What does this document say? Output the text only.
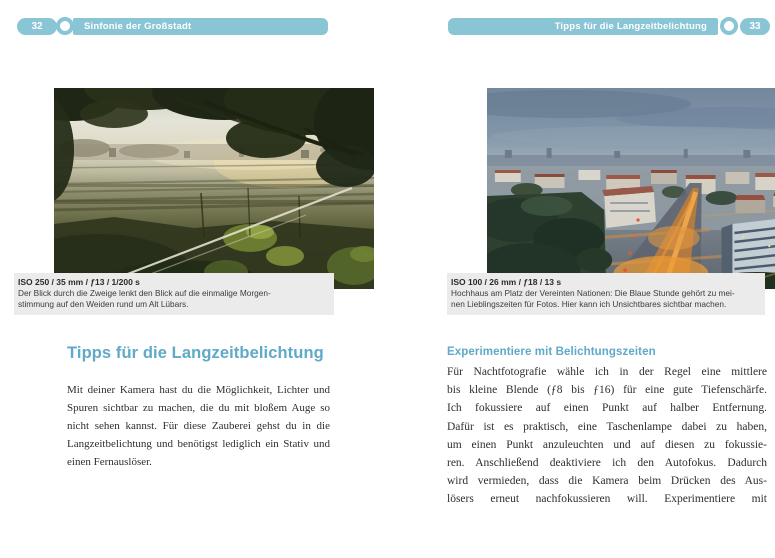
32	Sinfonie der Großstadt
ISO 250 / 35 mm / ƒ13 / 1/200 s
Der Blick durch die Zweige lenkt den Blick auf die einmalige Morgen-
stimmung auf den Weiden rund um Alt Lübars.
Tipps für die Langzeitbelichtung
Mit deiner Kamera hast du die Möglichkeit, Lichter und
Spuren sichtbar zu machen, die du mit bloßem Auge so
nicht sehen kannst. Für diese Zauberei gehst du in die
Langzeitbelichtung und benötigst lediglich ein Stativ und
einen Fernauslöser.
Tipps für die Langzeitbelichtung	33
ISO 100 / 26 mm / ƒ18 / 13 s
Hochhaus am Platz der Vereinten Nationen: Die Blaue Stunde gehört zu mei-
nen Lieblingszeiten für Fotos. Hier kann ich Unsichtbares sichtbar machen.
Experimentiere mit Belichtungszeiten
Für Nachtfotografie wähle ich in der Regel eine mittlere
bis kleine Blende (ƒ8 bis ƒ16) für eine gute Tiefenschärfe.
Ich fokussiere auf einen Punkt auf halber Entfernung.
Dafür ist es praktisch, eine Taschenlampe dabei zu haben,
um einen Punkt anzuleuchten und auf diesen zu fokussie-
ren. Anschließend deaktiviere ich den Autofokus. Dadurch
wird vermieden, dass die Kamera beim Drücken des Aus-
lösers erneut nachfokussieren will. Experimentiere mit
